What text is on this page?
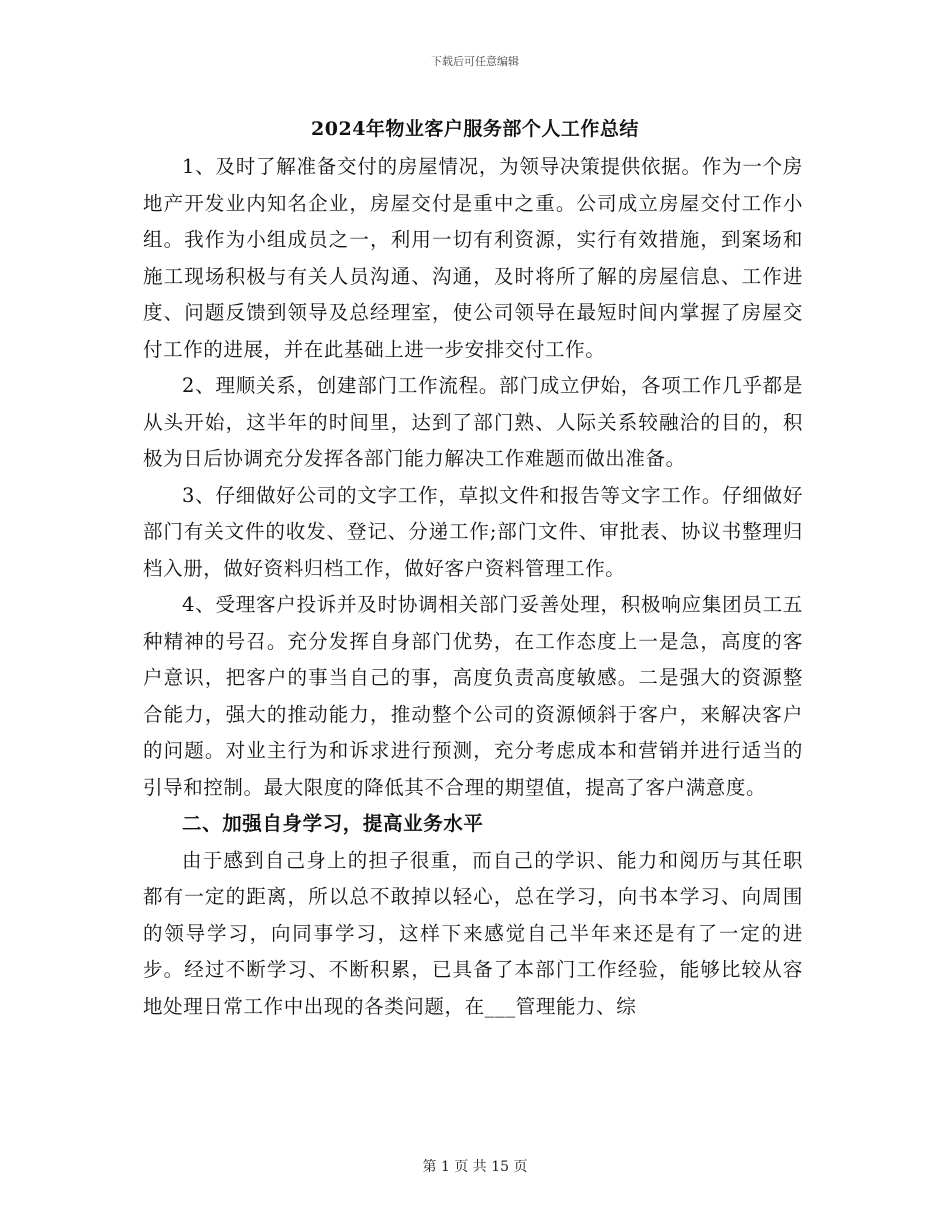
下载后可任意编辑
2024年物业客户服务部个人工作总结

1、及时了解准备交付的房屋情况，为领导决策提供依据。作为一个房地产开发业内知名企业，房屋交付是重中之重。公司成立房屋交付工作小组。我作为小组成员之一，利用一切有利资源，实行有效措施，到案场和施工现场积极与有关人员沟通、沟通，及时将所了解的房屋信息、工作进度、问题反馈到领导及总经理室，使公司领导在最短时间内掌握了房屋交付工作的进展，并在此基础上进一步安排交付工作。

2、理顺关系，创建部门工作流程。部门成立伊始，各项工作几乎都是从头开始，这半年的时间里，达到了部门熟、人际关系较融洽的目的，积极为日后协调充分发挥各部门能力解决工作难题而做出准备。

3、仔细做好公司的文字工作，草拟文件和报告等文字工作。仔细做好部门有关文件的收发、登记、分递工作;部门文件、审批表、协议书整理归档入册，做好资料归档工作，做好客户资料管理工作。

4、受理客户投诉并及时协调相关部门妥善处理，积极响应集团员工五种精神的号召。充分发挥自身部门优势，在工作态度上一是急，高度的客户意识，把客户的事当自己的事，高度负责高度敏感。二是强大的资源整合能力，强大的推动能力，推动整个公司的资源倾斜于客户，来解决客户的问题。对业主行为和诉求进行预测，充分考虑成本和营销并进行适当的引导和控制。最大限度的降低其不合理的期望值，提高了客户满意度。

二、加强自身学习，提高业务水平

由于感到自己身上的担子很重，而自己的学识、能力和阅历与其任职都有一定的距离，所以总不敢掉以轻心，总在学习，向书本学习、向周围的领导学习，向同事学习，这样下来感觉自己半年来还是有了一定的进步。经过不断学习、不断积累，已具备了本部门工作经验，能够比较从容地处理日常工作中出现的各类问题，在___管理能力、综

第 1 页 共 15 页
